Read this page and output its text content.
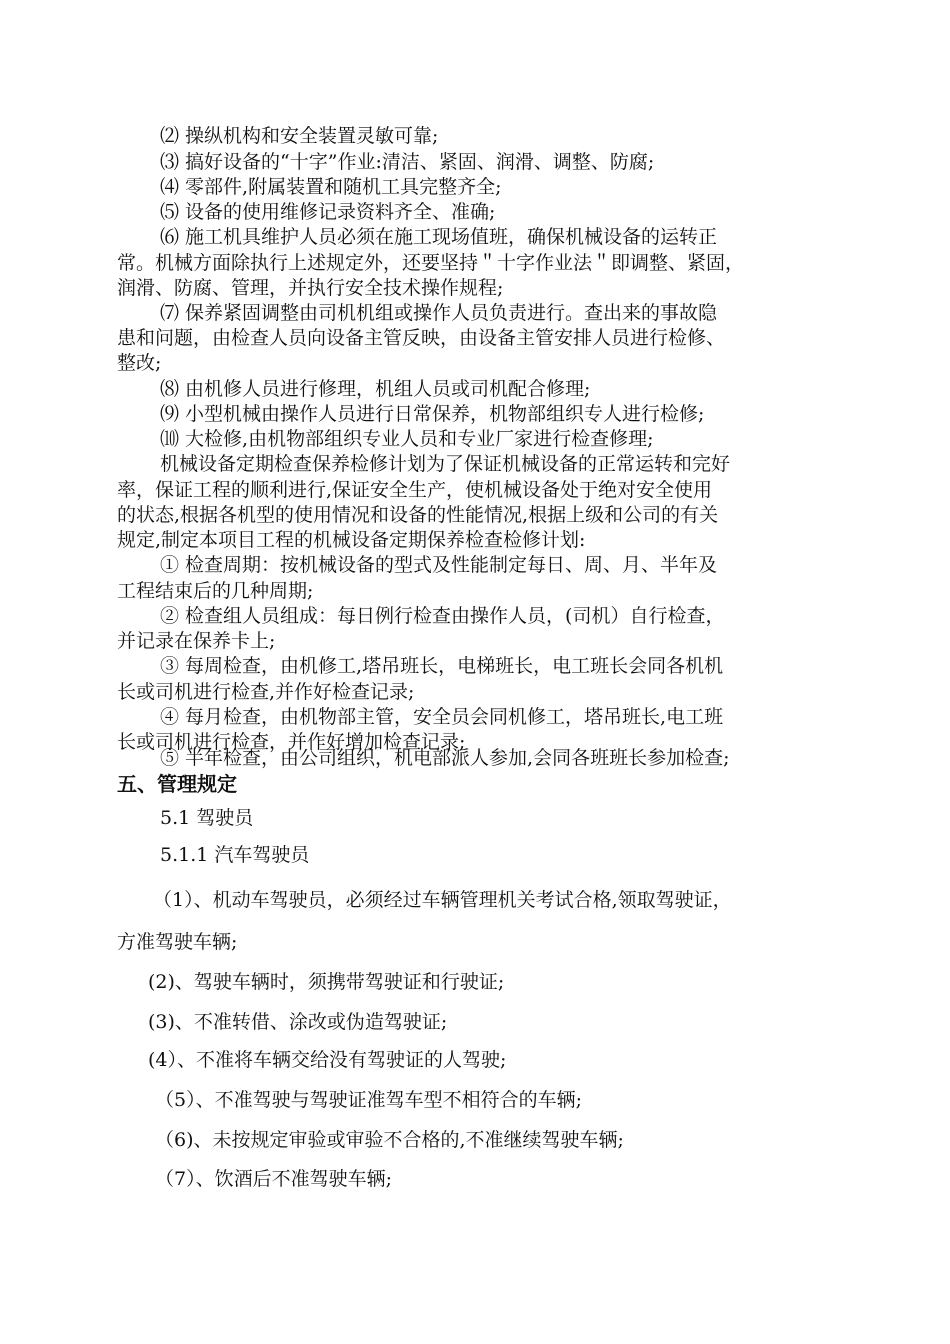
⑵ 操纵机构和安全装置灵敏可靠;
⑶ 搞好设备的“十字”作业:清洁、紧固、润滑、调整、防腐;
⑷ 零部件,附属装置和随机工具完整齐全;
⑸ 设备的使用维修记录资料齐全、准确;
⑹ 施工机具维护人员必须在施工现场值班，确保机械设备的运转正
常。机械方面除执行上述规定外，还要坚持＂十字作业法＂即调整、紧固，
润滑、防腐、管理，并执行安全技术操作规程;
⑺ 保养紧固调整由司机机组或操作人员负责进行。查出来的事故隐
患和问题，由检查人员向设备主管反映，由设备主管安排人员进行检修、
整改;
⑻ 由机修人员进行修理，机组人员或司机配合修理;
⑼ 小型机械由操作人员进行日常保养，机物部组织专人进行检修;
⑽ 大检修,由机物部组织专业人员和专业厂家进行检查修理;
机械设备定期检查保养检修计划为了保证机械设备的正常运转和完好
率，保证工程的顺利进行,保证安全生产，使机械设备处于绝对安全使用
的状态,根据各机型的使用情况和设备的性能情况,根据上级和公司的有关
规定,制定本项目工程的机械设备定期保养检查检修计划:
① 检查周期：按机械设备的型式及性能制定每日、周、月、半年及
工程结束后的几种周期;
② 检查组人员组成：每日例行检查由操作人员，(司机）自行检查，
并记录在保养卡上;
③ 每周检查，由机修工,塔吊班长，电梯班长，电工班长会同各机机
长或司机进行检查,并作好检查记录;
④ 每月检查，由机物部主管，安全员会同机修工，塔吊班长,电工班
长或司机进行检查，并作好增加检查记录;
⑤ 半年检查，由公司组织，机电部派人参加,会同各班班长参加检查;
五、管理规定
5.1 驾驶员
5.1.1 汽车驾驶员
（1）、机动车驾驶员，必须经过车辆管理机关考试合格,领取驾驶证，
方准驾驶车辆;
(2)、驾驶车辆时，须携带驾驶证和行驶证;
(3)、不准转借、涂改或伪造驾驶证;
(4）、不准将车辆交给没有驾驶证的人驾驶;
（5）、不准驾驶与驾驶证准驾车型不相符合的车辆;
（6)、未按规定审验或审验不合格的,不准继续驾驶车辆;
（7）、饮酒后不准驾驶车辆;
